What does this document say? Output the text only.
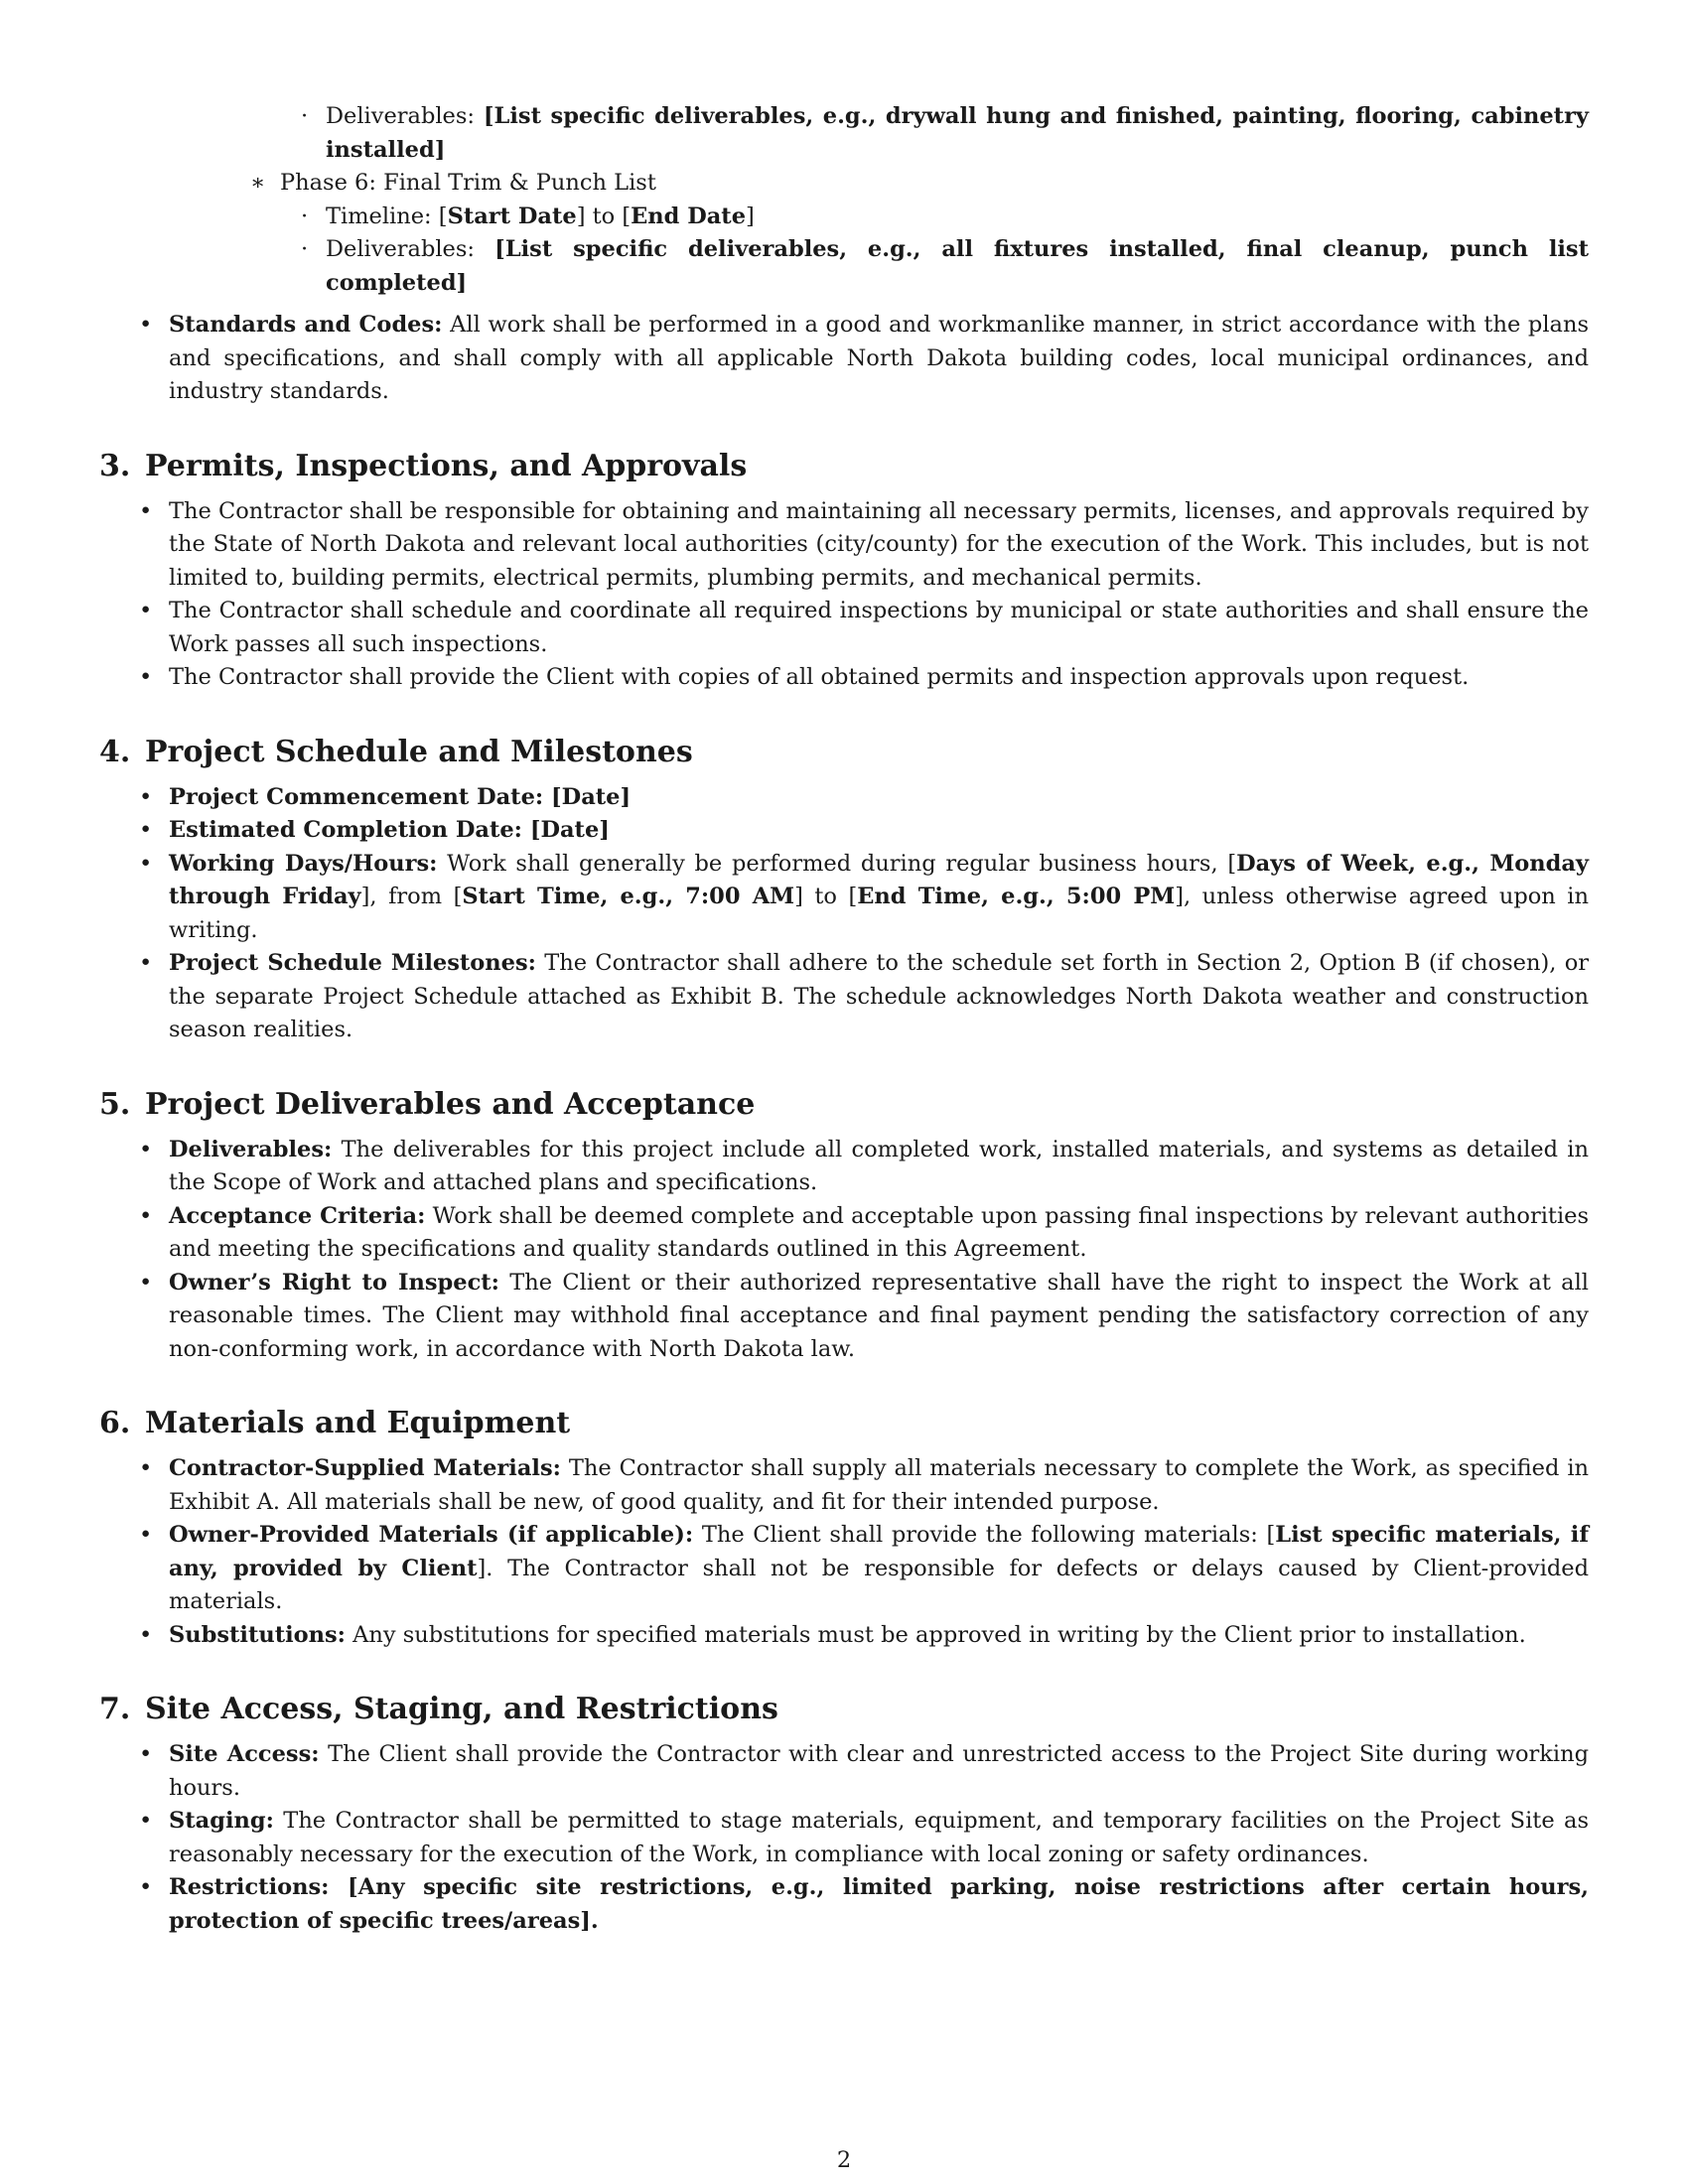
· Deliverables: [List specific deliverables, e.g., drywall hung and finished, painting, flooring, cabinetry installed]
∗ Phase 6: Final Trim & Punch List
· Timeline: [Start Date] to [End Date]
· Deliverables: [List specific deliverables, e.g., all fixtures installed, final cleanup, punch list completed]
• Standards and Codes: All work shall be performed in a good and workmanlike manner, in strict accordance with the plans and specifications, and shall comply with all applicable North Dakota building codes, local municipal ordinances, and industry standards.
3. Permits, Inspections, and Approvals
• The Contractor shall be responsible for obtaining and maintaining all necessary permits, licenses, and approvals required by the State of North Dakota and relevant local authorities (city/county) for the execution of the Work. This includes, but is not limited to, building permits, electrical permits, plumbing permits, and mechanical permits.
• The Contractor shall schedule and coordinate all required inspections by municipal or state authorities and shall ensure the Work passes all such inspections.
• The Contractor shall provide the Client with copies of all obtained permits and inspection approvals upon request.
4. Project Schedule and Milestones
• Project Commencement Date: [Date]
• Estimated Completion Date: [Date]
• Working Days/Hours: Work shall generally be performed during regular business hours, [Days of Week, e.g., Monday through Friday], from [Start Time, e.g., 7:00 AM] to [End Time, e.g., 5:00 PM], unless otherwise agreed upon in writing.
• Project Schedule Milestones: The Contractor shall adhere to the schedule set forth in Section 2, Option B (if chosen), or the separate Project Schedule attached as Exhibit B. The schedule acknowledges North Dakota weather and construction season realities.
5. Project Deliverables and Acceptance
• Deliverables: The deliverables for this project include all completed work, installed materials, and systems as detailed in the Scope of Work and attached plans and specifications.
• Acceptance Criteria: Work shall be deemed complete and acceptable upon passing final inspections by relevant authorities and meeting the specifications and quality standards outlined in this Agreement.
• Owner’s Right to Inspect: The Client or their authorized representative shall have the right to inspect the Work at all reasonable times. The Client may withhold final acceptance and final payment pending the satisfactory correction of any non-conforming work, in accordance with North Dakota law.
6. Materials and Equipment
• Contractor-Supplied Materials: The Contractor shall supply all materials necessary to complete the Work, as specified in Exhibit A. All materials shall be new, of good quality, and fit for their intended purpose.
• Owner-Provided Materials (if applicable): The Client shall provide the following materials: [List specific materials, if any, provided by Client]. The Contractor shall not be responsible for defects or delays caused by Client-provided materials.
• Substitutions: Any substitutions for specified materials must be approved in writing by the Client prior to installation.
7. Site Access, Staging, and Restrictions
• Site Access: The Client shall provide the Contractor with clear and unrestricted access to the Project Site during working hours.
• Staging: The Contractor shall be permitted to stage materials, equipment, and temporary facilities on the Project Site as reasonably necessary for the execution of the Work, in compliance with local zoning or safety ordinances.
• Restrictions: [Any specific site restrictions, e.g., limited parking, noise restrictions after certain hours, protection of specific trees/areas].
2
